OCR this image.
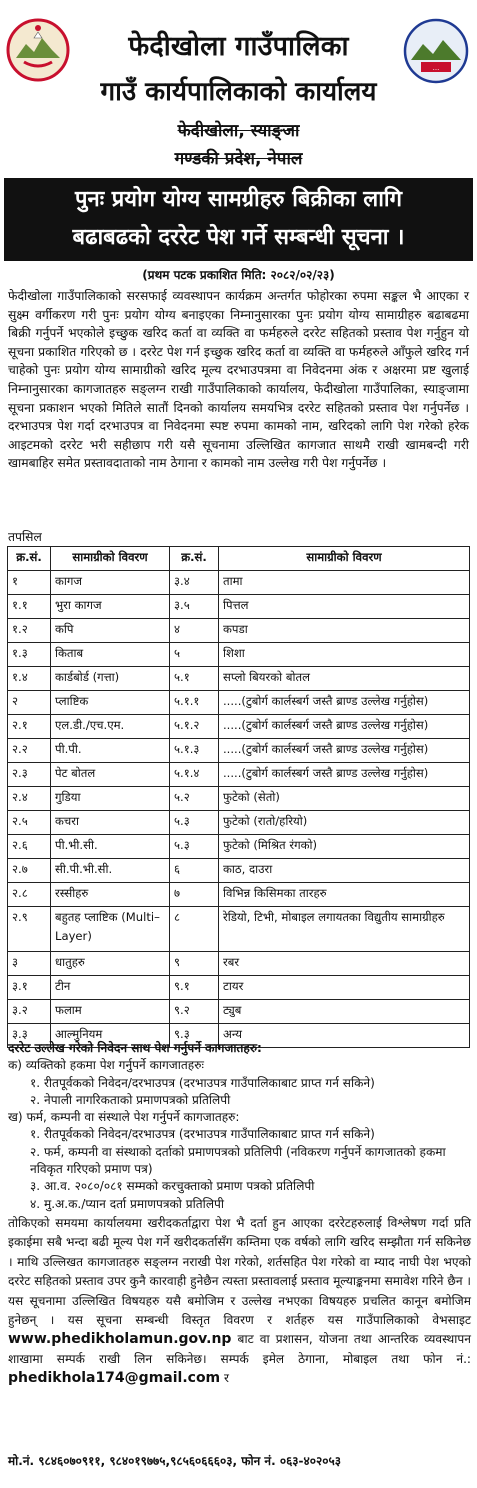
फेदीखोला गाउँपालिका
गाउँ कार्यपालिकाको कार्यालय
फेदीखोला, स्याङ्जा
गण्डकी प्रदेश, नेपाल
...
पुनः प्रयोग योग्य सामग्रीहरु बिक्रीका लागि
बढाबढको दररेट पेश गर्ने सम्बन्धी सूचना ।
(प्रथम पटक प्रकाशित मिति: २०८२/०२/२३)
फेदीखोला गाउँपालिकाको सरसफाई व्यवस्थापन कार्यक्रम अन्तर्गत फोहोरका रुपमा सङ्कल भै आएका र सुक्ष्म वर्गीकरण गरी पुनः प्रयोग योग्य बनाइएका निम्नानुसारका पुनः प्रयोग योग्य सामाग्रीहरु बढाबढमा बिक्री गर्नुपर्ने भएकोले इच्छुक खरिद कर्ता वा व्यक्ति वा फर्महरुले दररेट सहितको प्रस्ताव पेश गर्नुहुन यो सूचना प्रकाशित गरिएको छ । दररेट पेश गर्न इच्छुक खरिद कर्ता वा व्यक्ति वा फर्महरुले आँफुले खरिद गर्न चाहेको पुनः प्रयोग योग्य सामाग्रीको खरिद मूल्य दरभाउपत्रमा वा निवेदनमा अंक र अक्षरमा प्रष्ट खुलाई निम्नानुसारका कागजातहरु सङ्लग्न राखी गाउँपालिकाको कार्यालय, फेदीखोला गाउँपालिका, स्याङ्जामा सूचना प्रकाशन भएको मितिले सातौं दिनको कार्यालय समयभित्र दररेट सहितको प्रस्ताव पेश गर्नुपर्नेछ । दरभाउपत्र पेश गर्दा दरभाउपत्र वा निवेदनमा स्पष्ट रुपमा कामको नाम, खरिदको लागि पेश गरेको हरेक आइटमको दररेट भरी सहीछाप गरी यसै सूचनामा उल्लिखित कागजात साथमै राखी खामबन्दी गरी खामबाहिर समेत प्रस्तावदाताको नाम ठेगाना र कामको नाम उल्लेख गरी पेश गर्नुपर्नेछ ।
तपसिल
क्र.सं.	सामाग्रीको विवरण	क्र.सं.	सामाग्रीको विवरण
१	कागज	३.४	तामा
१.१	भुरा कागज	३.५	पित्तल
१.२	कपि	४	कपडा
१.३	किताब	५	शिशा
१.४	कार्डबोर्ड (गत्ता)	५.१	सप्लो बियरको बोतल
२	प्लाष्टिक	५.१.१	.....(टुबोर्ग कार्लस्बर्ग जस्तै ब्राण्ड उल्लेख गर्नुहोस)
२.१	एल.डी./एच.एम.	५.१.२	.....(टुबोर्ग कार्लस्बर्ग जस्तै ब्राण्ड उल्लेख गर्नुहोस)
२.२	पी.पी.	५.१.३	.....(टुबोर्ग कार्लस्बर्ग जस्तै ब्राण्ड उल्लेख गर्नुहोस)
२.३	पेट बोतल	५.१.४	.....(टुबोर्ग कार्लस्बर्ग जस्तै ब्राण्ड उल्लेख गर्नुहोस)
२.४	गुडिया	५.२	फुटेको (सेतो)
२.५	कचरा	५.३	फुटेको (रातो/हरियो)
२.६	पी.भी.सी.	५.३	फुटेको (मिश्रित रंगको)
२.७	सी.पी.भी.सी.	६	काठ, दाउरा
२.८	रस्सीहरु	७	विभिन्न किसिमका तारहरु
२.९	बहुतह प्लाष्टिक (Multi–Layer)	८	रेडियो, टिभी, मोबाइल लगायतका विद्युतीय सामाग्रीहरु
३	धातुहरु	९	रबर
३.१	टीन	९.१	टायर
३.२	फलाम	९.२	ट्युब
३.३	आल्मुनियम	९.३	अन्य
दररेट उल्लेख गरेको निवेदन साथ पेश गर्नुपर्ने कागजातहरु:
क) व्यक्तिको हकमा पेश गर्नुपर्ने कागजातहरुः
१. रीतपूर्वकको निवेदन/दरभाउपत्र (दरभाउपत्र गाउँपालिकाबाट प्राप्त गर्न सकिने)
२. नेपाली नागरिकताको प्रमाणपत्रको प्रतिलिपी
ख) फर्म, कम्पनी वा संस्थाले पेश गर्नुपर्ने कागजातहरु:
१. रीतपूर्वकको निवेदन/दरभाउपत्र (दरभाउपत्र गाउँपालिकाबाट प्राप्त गर्न सकिने)
२. फर्म, कम्पनी वा संस्थाको दर्ताको प्रमाणपत्रको प्रतिलिपी (नविकरण गर्नुपर्ने कागजातको हकमा नविकृत गरिएको प्रमाण पत्र)
३. आ.व. २०८०/०८१ सम्मको करचुक्ताको प्रमाण पत्रको प्रतिलिपी
४. मु.अ.क./प्यान दर्ता प्रमाणपत्रको प्रतिलिपी
तोकिएको समयमा कार्यालयमा खरीदकर्ताद्वारा पेश भै दर्ता हुन आएका दररेटहरुलाई विश्लेषण गर्दा प्रति इकाईमा सबै भन्दा बढी मूल्य पेश गर्ने खरीदकर्तासँग कम्तिमा एक वर्षको लागि खरिद सम्झौता गर्न सकिनेछ । माथि उल्लिखत कागजातहरु सङ्लग्न नराखी पेश गरेको, शर्तसहित पेश गरेको वा म्याद नाघी पेश भएको दररेट सहितको प्रस्ताव उपर कुनै कारवाही हुनेछैन त्यस्ता प्रस्तावलाई प्रस्ताव मूल्याङ्कनमा समावेश गरिने छैन । यस सूचनामा उल्लिखित विषयहरु यसै बमोजिम र उल्लेख नभएका विषयहरु प्रचलित कानून बमोजिम हुनेछन् । यस सूचना सम्बन्धी विस्तृत विवरण र शर्तहरु यस गाउँपालिकाको वेभसाइट www.phedikholamun.gov.np बाट वा प्रशासन, योजना तथा आन्तरिक व्यवस्थापन शाखामा सम्पर्क राखी लिन सकिनेछ। सम्पर्क इमेल ठेगाना, मोबाइल तथा फोन नं.: phedikhola174@gmail.com र
मो.नं. ९८४६०७०९११, ९८४०१९७७५,९८५६०६६६०३, फोन नं. ०६३-४०२०५३
